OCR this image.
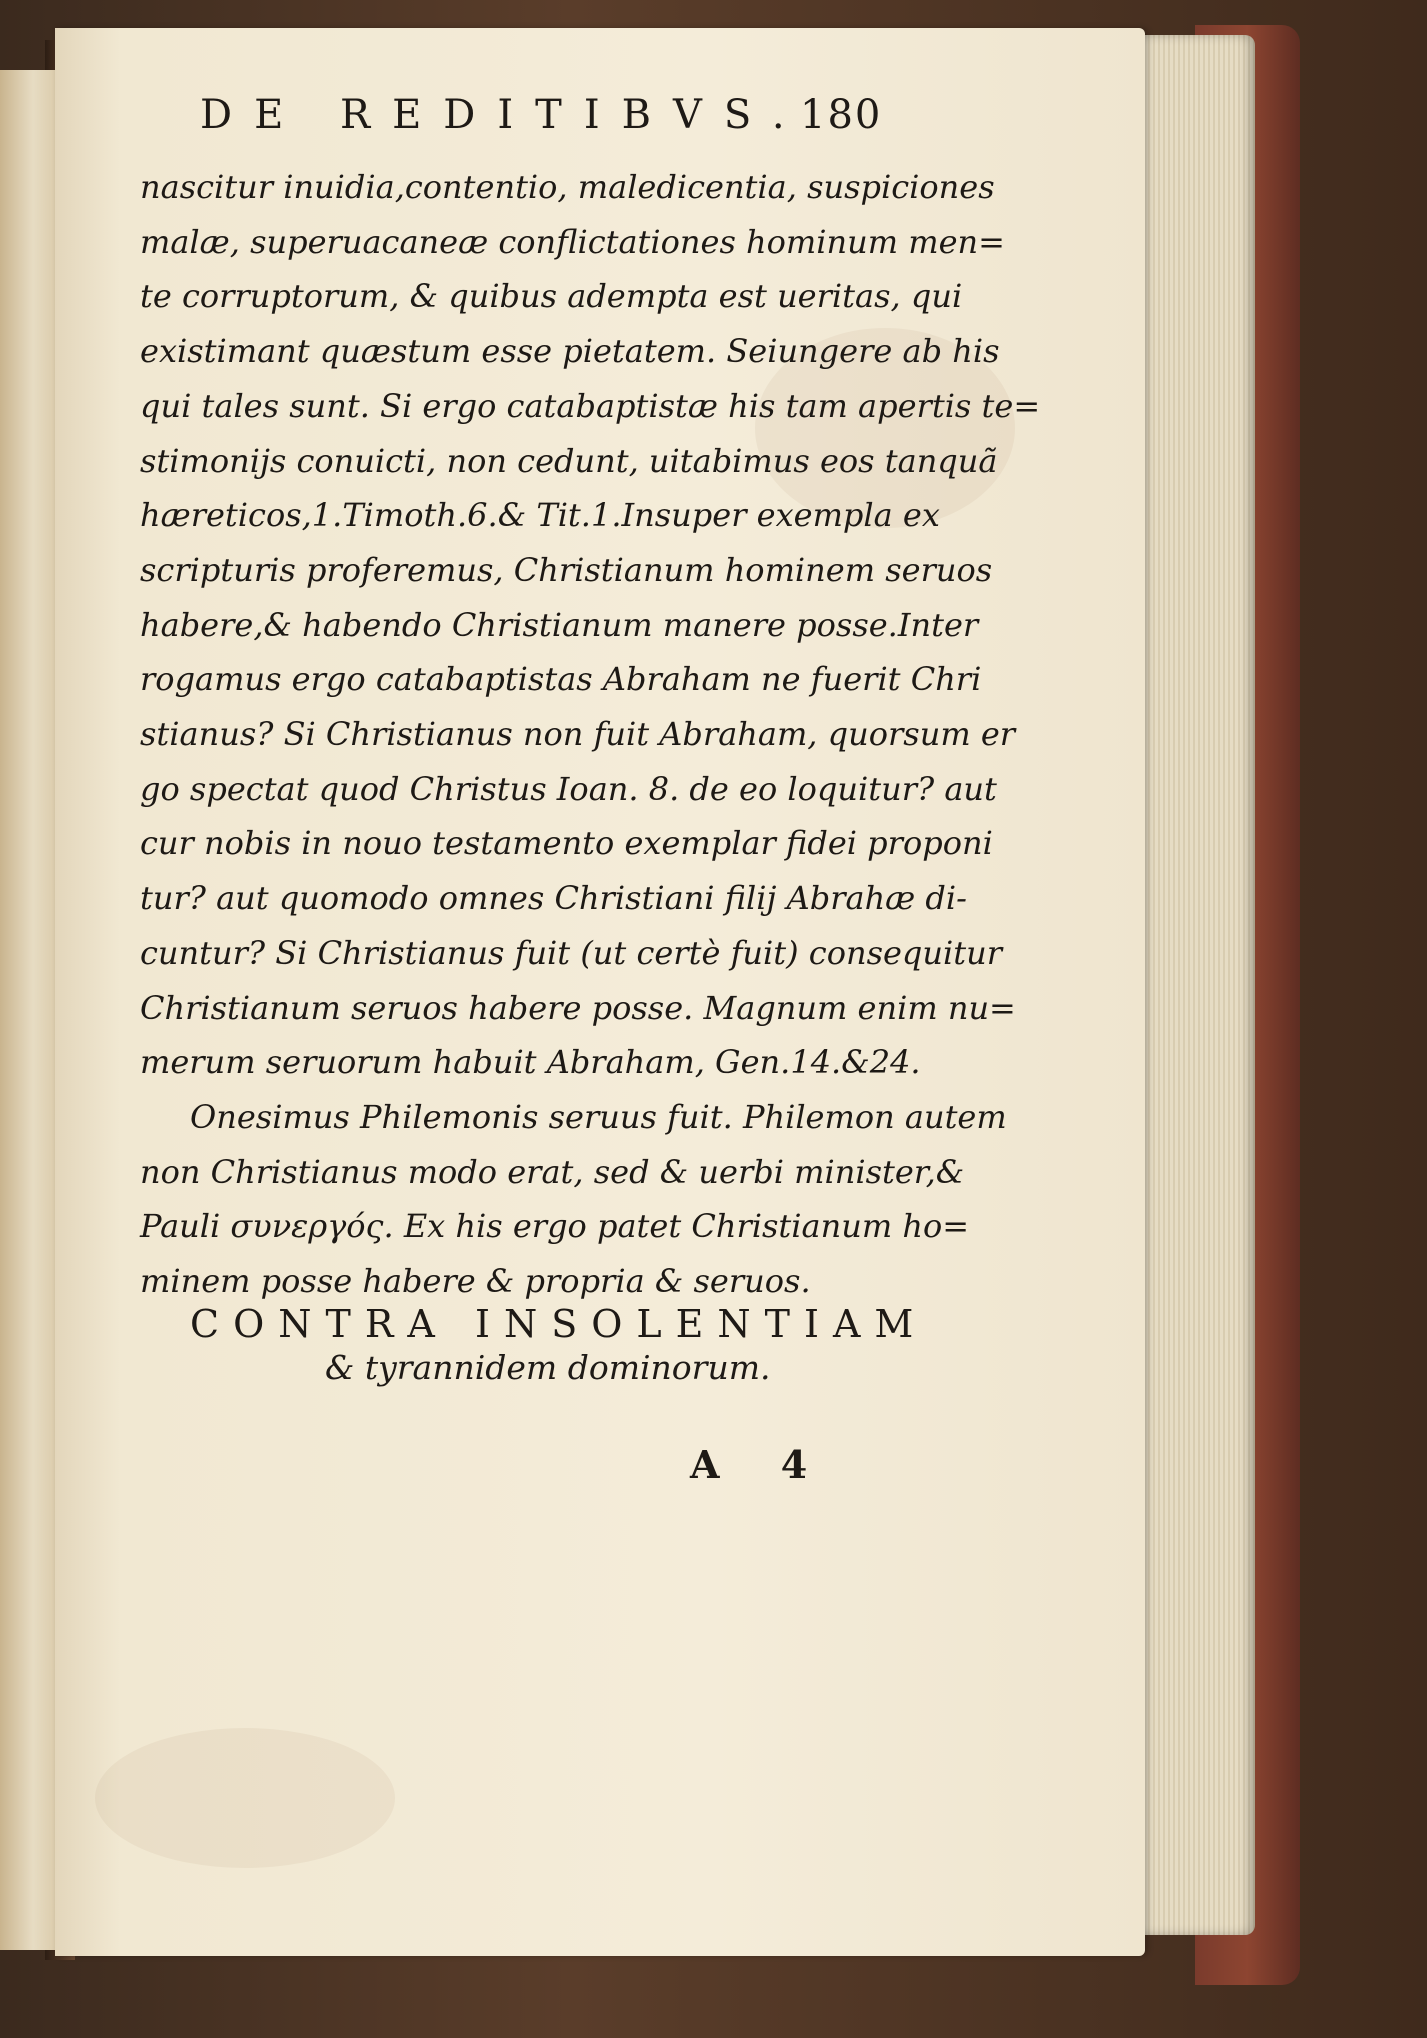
DE REDITIBVS.
180
nascitur inuidia,contentio, maledicentia, suspiciones
malæ, superuacaneæ conflictationes hominum men=
te corruptorum, & quibus adempta est ueritas, qui
existimant quæstum esse pietatem. Seiungere ab his
qui tales sunt. Si ergo catabaptistæ his tam apertis te=
stimonijs conuicti, non cedunt, uitabimus eos tanquã
hæreticos,1.Timoth.6.& Tit.1.Insuper exempla ex
scripturis proferemus, Christianum hominem seruos
habere,& habendo Christianum manere posse.Inter
rogamus ergo catabaptistas Abraham ne fuerit Chri
stianus? Si Christianus non fuit Abraham, quorsum er
go spectat quod Christus Ioan. 8. de eo loquitur? aut
cur nobis in nouo testamento exemplar fidei proponi
tur? aut quomodo omnes Christiani filij Abrahæ di-
cuntur? Si Christianus fuit (ut certè fuit) consequitur
Christianum seruos habere posse. Magnum enim nu=
merum seruorum habuit Abraham, Gen.14.&24.
Onesimus Philemonis seruus fuit. Philemon autem
non Christianus modo erat, sed & uerbi minister,&
Pauli συνεργός. Ex his ergo patet Christianum ho=
minem posse habere & propria & seruos.
CONTRA INSOLENTIAM
& tyrannidem dominorum.
A 4
